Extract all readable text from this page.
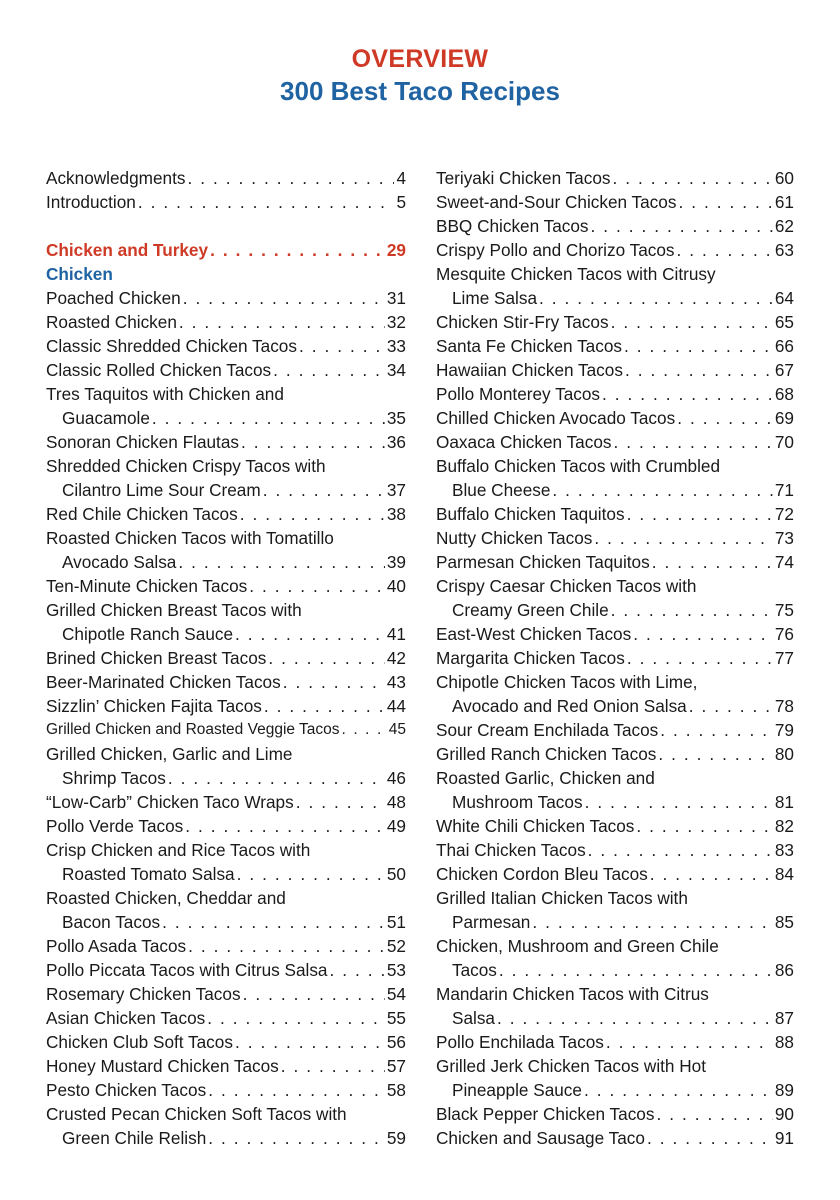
OVERVIEW
300 Best Taco Recipes
Acknowledgments . . .	4
Introduction . . .	5
Chicken and Turkey . . .	29
Chicken
Poached Chicken . . .	31
Roasted Chicken . . .	32
Classic Shredded Chicken Tacos . . .	33
Classic Rolled Chicken Tacos . . .	34
Tres Taquitos with Chicken and
Guacamole . . .	35
Sonoran Chicken Flautas . . .	36
Shredded Chicken Crispy Tacos with
Cilantro Lime Sour Cream . . .	37
Red Chile Chicken Tacos . . .	38
Roasted Chicken Tacos with Tomatillo
Avocado Salsa . . .	39
Ten-Minute Chicken Tacos . . .	40
Grilled Chicken Breast Tacos with
Chipotle Ranch Sauce . . .	41
Brined Chicken Breast Tacos . . .	42
Beer-Marinated Chicken Tacos . . .	43
Sizzlin’ Chicken Fajita Tacos . . .	44
Grilled Chicken and Roasted Veggie Tacos . . .	45
Grilled Chicken, Garlic and Lime
Shrimp Tacos . . .	46
“Low-Carb” Chicken Taco Wraps . . .	48
Pollo Verde Tacos . . .	49
Crisp Chicken and Rice Tacos with
Roasted Tomato Salsa . . .	50
Roasted Chicken, Cheddar and
Bacon Tacos . . .	51
Pollo Asada Tacos . . .	52
Pollo Piccata Tacos with Citrus Salsa . . .	53
Rosemary Chicken Tacos . . .	54
Asian Chicken Tacos . . .	55
Chicken Club Soft Tacos . . .	56
Honey Mustard Chicken Tacos . . .	57
Pesto Chicken Tacos . . .	58
Crusted Pecan Chicken Soft Tacos with
Green Chile Relish . . .	59
Teriyaki Chicken Tacos . . .	60
Sweet-and-Sour Chicken Tacos . . .	61
BBQ Chicken Tacos . . .	62
Crispy Pollo and Chorizo Tacos . . .	63
Mesquite Chicken Tacos with Citrusy
Lime Salsa . . .	64
Chicken Stir-Fry Tacos . . .	65
Santa Fe Chicken Tacos . . .	66
Hawaiian Chicken Tacos . . .	67
Pollo Monterey Tacos . . .	68
Chilled Chicken Avocado Tacos . . .	69
Oaxaca Chicken Tacos . . .	70
Buffalo Chicken Tacos with Crumbled
Blue Cheese . . .	71
Buffalo Chicken Taquitos . . .	72
Nutty Chicken Tacos . . .	73
Parmesan Chicken Taquitos . . .	74
Crispy Caesar Chicken Tacos with
Creamy Green Chile . . .	75
East-West Chicken Tacos . . .	76
Margarita Chicken Tacos . . .	77
Chipotle Chicken Tacos with Lime,
Avocado and Red Onion Salsa . . .	78
Sour Cream Enchilada Tacos . . .	79
Grilled Ranch Chicken Tacos . . .	80
Roasted Garlic, Chicken and
Mushroom Tacos . . .	81
White Chili Chicken Tacos . . .	82
Thai Chicken Tacos . . .	83
Chicken Cordon Bleu Tacos . . .	84
Grilled Italian Chicken Tacos with
Parmesan . . .	85
Chicken, Mushroom and Green Chile
Tacos . . .	86
Mandarin Chicken Tacos with Citrus
Salsa . . .	87
Pollo Enchilada Tacos . . .	88
Grilled Jerk Chicken Tacos with Hot
Pineapple Sauce . . .	89
Black Pepper Chicken Tacos . . .	90
Chicken and Sausage Taco . . .	91
